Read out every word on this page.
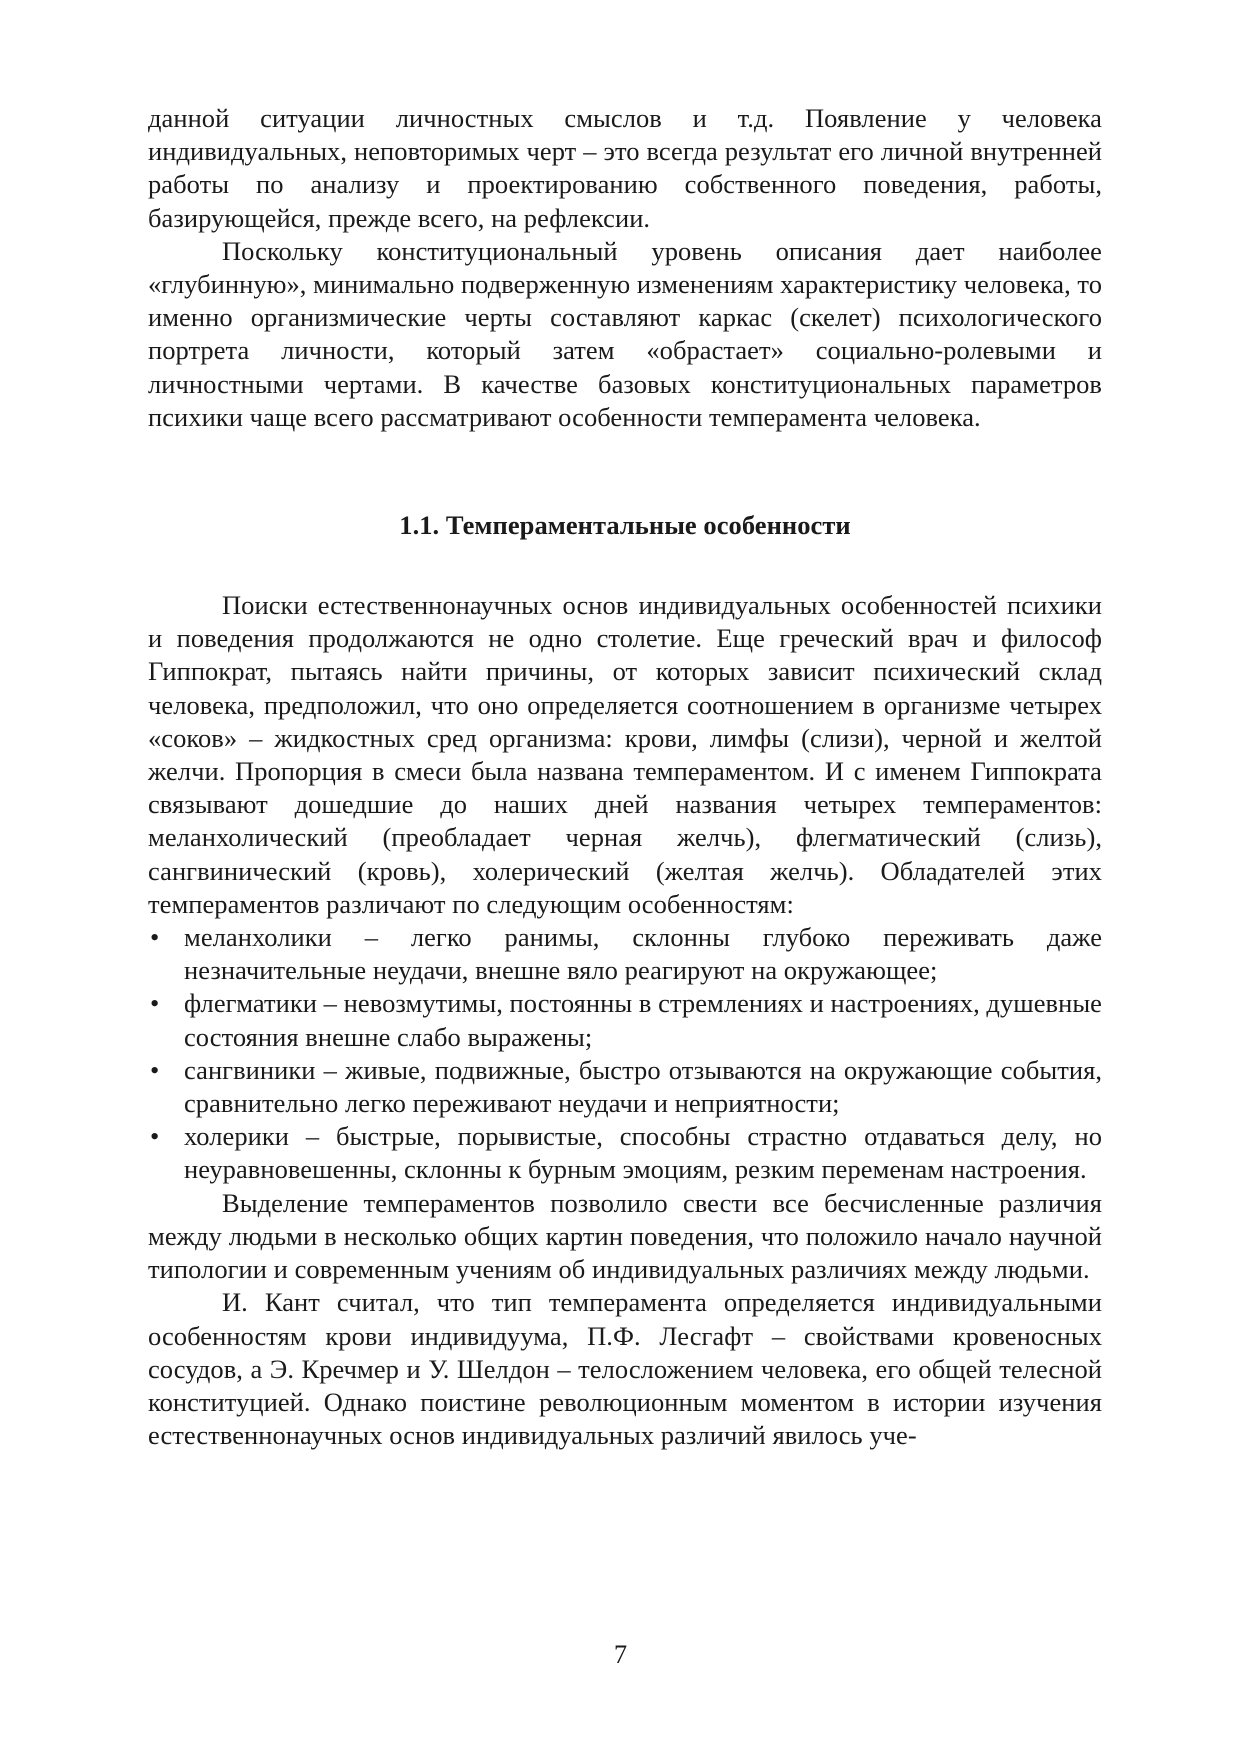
данной ситуации личностных смыслов и т.д. Появление у человека индивидуальных, неповторимых черт – это всегда результат его личной внутренней работы по анализу и проектированию собственного поведения, работы, базирующейся, прежде всего, на рефлексии.

Поскольку конституциональный уровень описания дает наиболее «глубинную», минимально подверженную изменениям характеристику человека, то именно организмические черты составляют каркас (скелет) психологического портрета личности, который затем «обрастает» социально-ролевыми и личностными чертами. В качестве базовых конституциональных параметров психики чаще всего рассматривают особенности темперамента человека.

1.1. Темпераментальные особенности

Поиски естественнонаучных основ индивидуальных особенностей психики и поведения продолжаются не одно столетие. Еще греческий врач и философ Гиппократ, пытаясь найти причины, от которых зависит психический склад человека, предположил, что оно определяется соотношением в организме четырех «соков» – жидкостных сред организма: крови, лимфы (слизи), черной и желтой желчи. Пропорция в смеси была названа темпераментом. И с именем Гиппократа связывают дошедшие до наших дней названия четырех темпераментов: меланхолический (преобладает черная желчь), флегматический (слизь), сангвинический (кровь), холерический (желтая желчь). Обладателей этих темпераментов различают по следующим особенностям:

• меланхолики – легко ранимы, склонны глубоко переживать даже незначительные неудачи, внешне вяло реагируют на окружающее;
• флегматики – невозмутимы, постоянны в стремлениях и настроениях, душевные состояния внешне слабо выражены;
• сангвиники – живые, подвижные, быстро отзываются на окружающие события, сравнительно легко переживают неудачи и неприятности;
• холерики – быстрые, порывистые, способны страстно отдаваться делу, но неуравновешенны, склонны к бурным эмоциям, резким переменам настроения.

Выделение темпераментов позволило свести все бесчисленные различия между людьми в несколько общих картин поведения, что положило начало научной типологии и современным учениям об индивидуальных различиях между людьми.

И. Кант считал, что тип темперамента определяется индивидуальными особенностям крови индивидуума, П.Ф. Лесгафт – свойствами кровеносных сосудов, а Э. Кречмер и У. Шелдон – телосложением человека, его общей телесной конституцией. Однако поистине революционным моментом в истории изучения естественнонаучных основ индивидуальных различий явилось уче-

7
